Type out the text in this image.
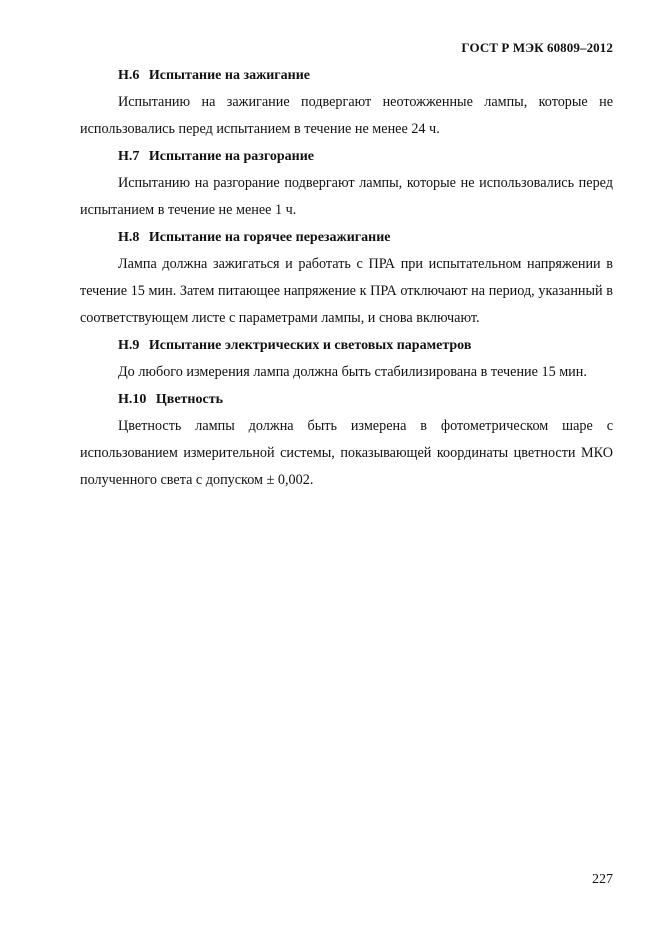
ГОСТ Р МЭК 60809–2012

Н.6 Испытание на зажигание

Испытанию на зажигание подвергают неотожженные лампы, которые не использовались перед испытанием в течение не менее 24 ч.

Н.7 Испытание на разгорание

Испытанию на разгорание подвергают лампы, которые не использовались перед испытанием в течение не менее 1 ч.

Н.8 Испытание на горячее перезажигание

Лампа должна зажигаться и работать с ПРА при испытательном напряжении в течение 15 мин. Затем питающее напряжение к ПРА отключают на период, указанный в соответствующем листе с параметрами лампы, и снова включают.

Н.9 Испытание электрических и световых параметров

До любого измерения лампа должна быть стабилизирована в течение 15 мин.

Н.10 Цветность

Цветность лампы должна быть измерена в фотометрическом шаре с использованием измерительной системы, показывающей координаты цветности МКО полученного света с допуском ± 0,002.

227
